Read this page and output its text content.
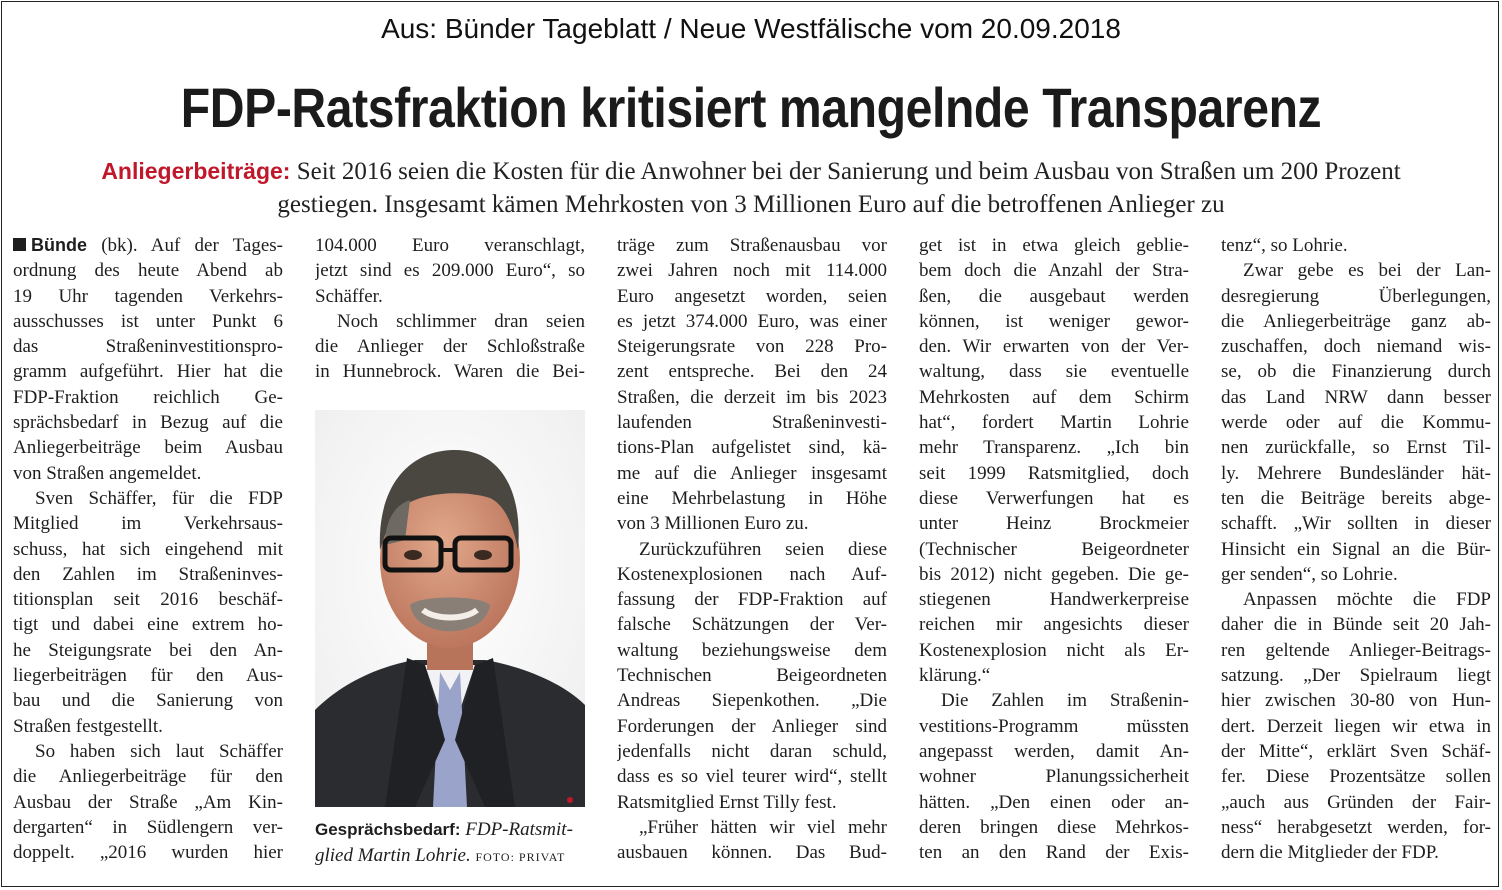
Aus: Bünder Tageblatt / Neue Westfälische vom 20.09.2018
FDP-Ratsfraktion kritisiert mangelnde Transparenz
Anliegerbeiträge: Seit 2016 seien die Kosten für die Anwohner bei der Sanierung und beim Ausbau von Straßen um 200 Prozent
gestiegen. Insgesamt kämen Mehrkosten von 3 Millionen Euro auf die betroffenen Anlieger zu
Bünde (bk). Auf der Tages-
ordnung des heute Abend ab
19 Uhr tagenden Verkehrs-
ausschusses ist unter Punkt 6
das Straßeninvestitionspro-
gramm aufgeführt. Hier hat die
FDP-Fraktion reichlich Ge-
sprächsbedarf in Bezug auf die
Anliegerbeiträge beim Ausbau
von Straßen angemeldet.
Sven Schäffer, für die FDP
Mitglied im Verkehrsaus-
schuss, hat sich eingehend mit
den Zahlen im Straßeninves-
titionsplan seit 2016 beschäf-
tigt und dabei eine extrem ho-
he Steigungsrate bei den An-
liegerbeiträgen für den Aus-
bau und die Sanierung von
Straßen festgestellt.
So haben sich laut Schäffer
die Anliegerbeiträge für den
Ausbau der Straße „Am Kin-
dergarten“ in Südlengern ver-
doppelt. „2016 wurden hier
104.000 Euro veranschlagt,
jetzt sind es 209.000 Euro“, so
Schäffer.
Noch schlimmer dran seien
die Anlieger der Schloßstraße
in Hunnebrock. Waren die Bei-
Gesprächsbedarf: FDP-Ratsmit-
glied Martin Lohrie. FOTO: PRIVAT
träge zum Straßenausbau vor
zwei Jahren noch mit 114.000
Euro angesetzt worden, seien
es jetzt 374.000 Euro, was einer
Steigerungsrate von 228 Pro-
zent entspreche. Bei den 24
Straßen, die derzeit im bis 2023
laufenden Straßeninvesti-
tions-Plan aufgelistet sind, kä-
me auf die Anlieger insgesamt
eine Mehrbelastung in Höhe
von 3 Millionen Euro zu.
Zurückzuführen seien diese
Kostenexplosionen nach Auf-
fassung der FDP-Fraktion auf
falsche Schätzungen der Ver-
waltung beziehungsweise dem
Technischen Beigeordneten
Andreas Siepenkothen. „Die
Forderungen der Anlieger sind
jedenfalls nicht daran schuld,
dass es so viel teurer wird“, stellt
Ratsmitglied Ernst Tilly fest.
„Früher hätten wir viel mehr
ausbauen können. Das Bud-
get ist in etwa gleich geblie-
bem doch die Anzahl der Stra-
ßen, die ausgebaut werden
können, ist weniger gewor-
den. Wir erwarten von der Ver-
waltung, dass sie eventuelle
Mehrkosten auf dem Schirm
hat“, fordert Martin Lohrie
mehr Transparenz. „Ich bin
seit 1999 Ratsmitglied, doch
diese Verwerfungen hat es
unter Heinz Brockmeier
(Technischer Beigeordneter
bis 2012) nicht gegeben. Die ge-
stiegenen Handwerkerpreise
reichen mir angesichts dieser
Kostenexplosion nicht als Er-
klärung.“
Die Zahlen im Straßenin-
vestitions-Programm müssten
angepasst werden, damit An-
wohner Planungssicherheit
hätten. „Den einen oder an-
deren bringen diese Mehrkos-
ten an den Rand der Exis-
tenz“, so Lohrie.
Zwar gebe es bei der Lan-
desregierung Überlegungen,
die Anliegerbeiträge ganz ab-
zuschaffen, doch niemand wis-
se, ob die Finanzierung durch
das Land NRW dann besser
werde oder auf die Kommu-
nen zurückfalle, so Ernst Til-
ly. Mehrere Bundesländer hät-
ten die Beiträge bereits abge-
schafft. „Wir sollten in dieser
Hinsicht ein Signal an die Bür-
ger senden“, so Lohrie.
Anpassen möchte die FDP
daher die in Bünde seit 20 Jah-
ren geltende Anlieger-Beitrags-
satzung. „Der Spielraum liegt
hier zwischen 30-80 von Hun-
dert. Derzeit liegen wir etwa in
der Mitte“, erklärt Sven Schäf-
fer. Diese Prozentsätze sollen
„auch aus Gründen der Fair-
ness“ herabgesetzt werden, for-
dern die Mitglieder der FDP.
